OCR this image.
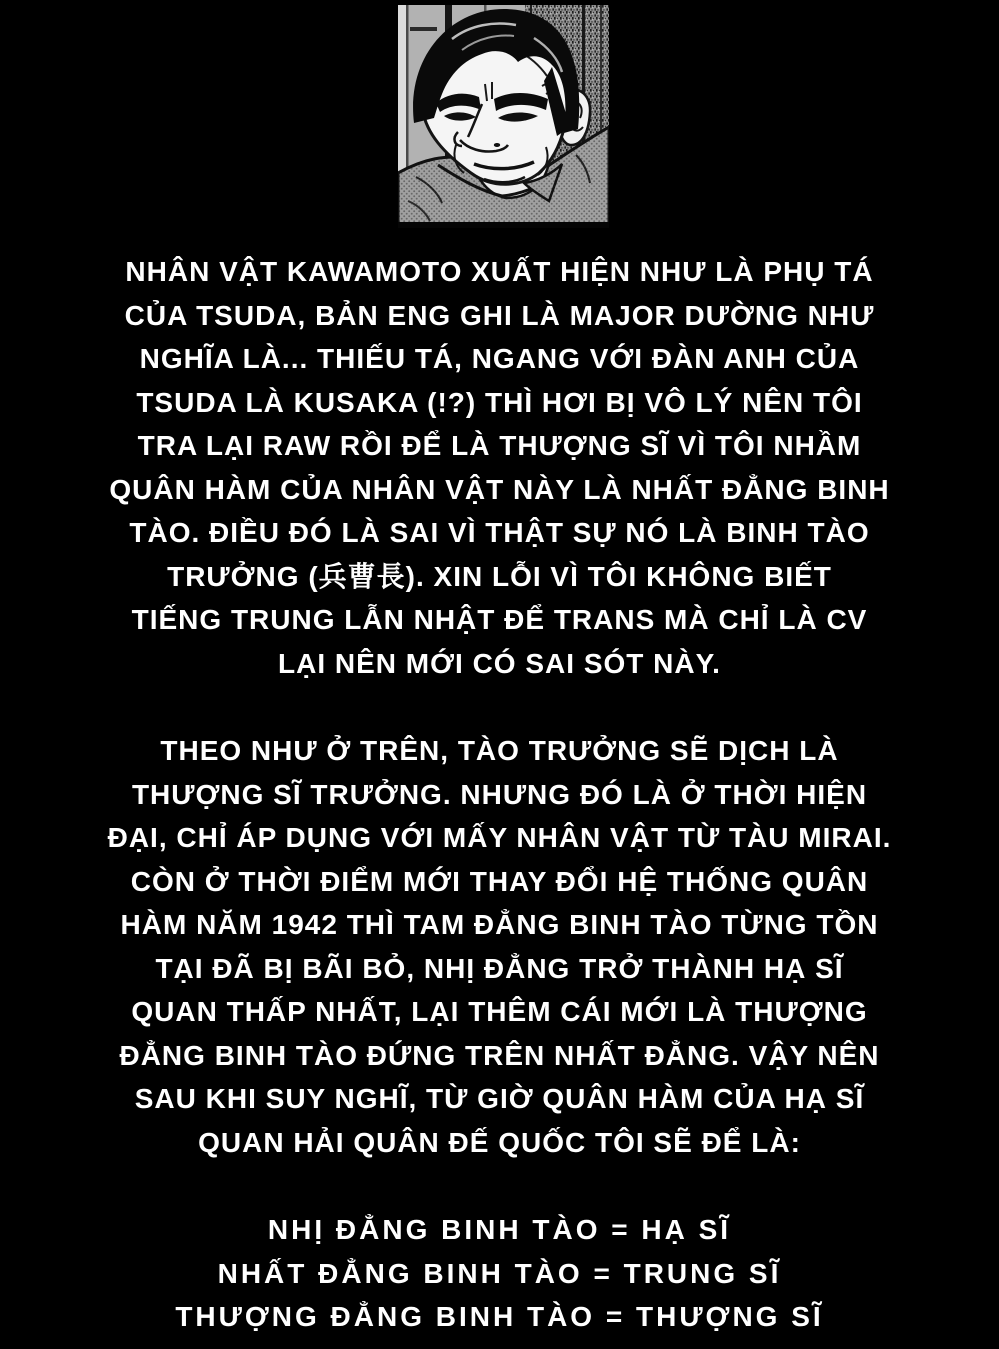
NHÂN VẬT KAWAMOTO XUẤT HIỆN NHƯ LÀ PHỤ TÁ
CỦA TSUDA, BẢN ENG GHI LÀ MAJOR DƯỜNG NHƯ
NGHĨA LÀ... THIẾU TÁ, NGANG VỚI ĐÀN ANH CỦA
TSUDA LÀ KUSAKA (!?) THÌ HƠI BỊ VÔ LÝ NÊN TÔI
TRA LẠI RAW RỒI ĐỂ LÀ THƯỢNG SĨ VÌ TÔI NHẦM
QUÂN HÀM CỦA NHÂN VẬT NÀY LÀ NHẤT ĐẲNG BINH
TÀO. ĐIỀU ĐÓ LÀ SAI VÌ THẬT SỰ NÓ LÀ BINH TÀO
TRƯỞNG (兵曹長). XIN LỖI VÌ TÔI KHÔNG BIẾT
TIẾNG TRUNG LẪN NHẬT ĐỂ TRANS MÀ CHỈ LÀ CV
LẠI NÊN MỚI CÓ SAI SÓT NÀY.
THEO NHƯ Ở TRÊN, TÀO TRƯỞNG SẼ DỊCH LÀ
THƯỢNG SĨ TRƯỞNG. NHƯNG ĐÓ LÀ Ở THỜI HIỆN
ĐẠI, CHỈ ÁP DỤNG VỚI MẤY NHÂN VẬT TỪ TÀU MIRAI.
CÒN Ở THỜI ĐIỂM MỚI THAY ĐỔI HỆ THỐNG QUÂN
HÀM NĂM 1942 THÌ TAM ĐẲNG BINH TÀO TỪNG TỒN
TẠI ĐÃ BỊ BÃI BỎ, NHỊ ĐẲNG TRỞ THÀNH HẠ SĨ
QUAN THẤP NHẤT, LẠI THÊM CÁI MỚI LÀ THƯỢNG
ĐẲNG BINH TÀO ĐỨNG TRÊN NHẤT ĐẲNG. VẬY NÊN
SAU KHI SUY NGHĨ, TỪ GIỜ QUÂN HÀM CỦA HẠ SĨ
QUAN HẢI QUÂN ĐẾ QUỐC TÔI SẼ ĐỂ LÀ:
NHỊ ĐẲNG BINH TÀO = HẠ SĨ
NHẤT ĐẲNG BINH TÀO = TRUNG SĨ
THƯỢNG ĐẲNG BINH TÀO = THƯỢNG SĨ
